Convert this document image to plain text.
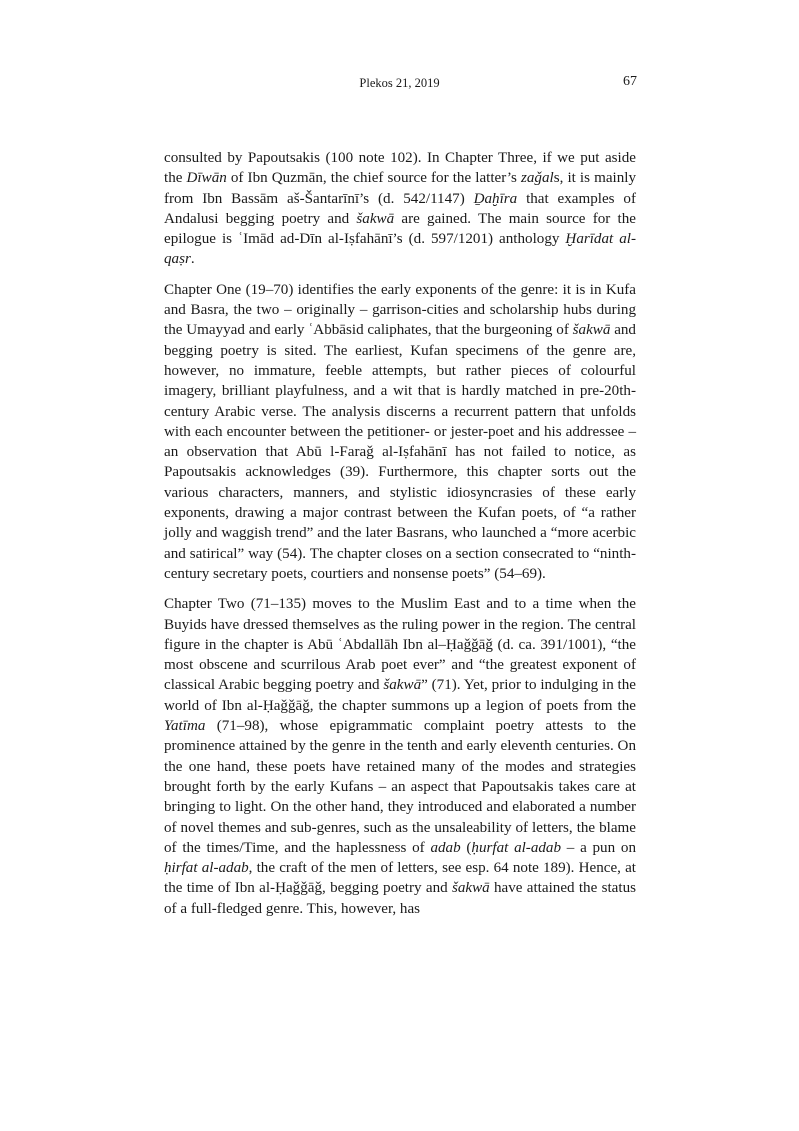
Plekos 21, 2019	67

consulted by Papoutsakis (100 note 102). In Chapter Three, if we put aside the Dīwān of Ibn Quzmān, the chief source for the latter’s zaǧals, it is mainly from Ibn Bassām aš-Šantarīnī’s (d. 542/1147) Ḏaḫīra that examples of Andalusi begging poetry and šakwā are gained. The main source for the epilogue is ʿImād ad-Dīn al-Iṣfahānī’s (d. 597/1201) anthology Ḫarīdat al-qaṣr.

Chapter One (19–70) identifies the early exponents of the genre: it is in Kufa and Basra, the two – originally – garrison-cities and scholarship hubs during the Umayyad and early ʿAbbāsid caliphates, that the burgeoning of šakwā and begging poetry is sited. The earliest, Kufan specimens of the genre are, however, no immature, feeble attempts, but rather pieces of colourful imagery, brilliant playfulness, and a wit that is hardly matched in pre-20th-century Arabic verse. The analysis discerns a recurrent pattern that unfolds with each encounter between the petitioner- or jester-poet and his addressee – an observation that Abū l-Faraǧ al-Iṣfahānī has not failed to notice, as Papoutsakis acknowledges (39). Furthermore, this chapter sorts out the various characters, manners, and stylistic idiosyncrasies of these early exponents, drawing a major contrast between the Kufan poets, of “a rather jolly and waggish trend” and the later Basrans, who launched a “more acerbic and satirical” way (54). The chapter closes on a section consecrated to “ninth-century secretary poets, courtiers and nonsense poets” (54–69).

Chapter Two (71–135) moves to the Muslim East and to a time when the Buyids have dressed themselves as the ruling power in the region. The central figure in the chapter is Abū ʿAbdallāh Ibn al–Ḥaǧǧāǧ (d. ca. 391/1001), “the most obscene and scurrilous Arab poet ever” and “the greatest exponent of classical Arabic begging poetry and šakwā” (71). Yet, prior to indulging in the world of Ibn al-Ḥaǧǧāǧ, the chapter summons up a legion of poets from the Yatīma (71–98), whose epigrammatic complaint poetry attests to the prominence attained by the genre in the tenth and early eleventh centuries. On the one hand, these poets have retained many of the modes and strategies brought forth by the early Kufans – an aspect that Papoutsakis takes care at bringing to light. On the other hand, they introduced and elaborated a number of novel themes and sub-genres, such as the unsaleability of letters, the blame of the times/Time, and the haplessness of adab (ḥurfat al-adab – a pun on ḥirfat al-adab, the craft of the men of letters, see esp. 64 note 189). Hence, at the time of Ibn al-Ḥaǧǧāǧ, begging poetry and šakwā have attained the status of a full-fledged genre. This, however, has
